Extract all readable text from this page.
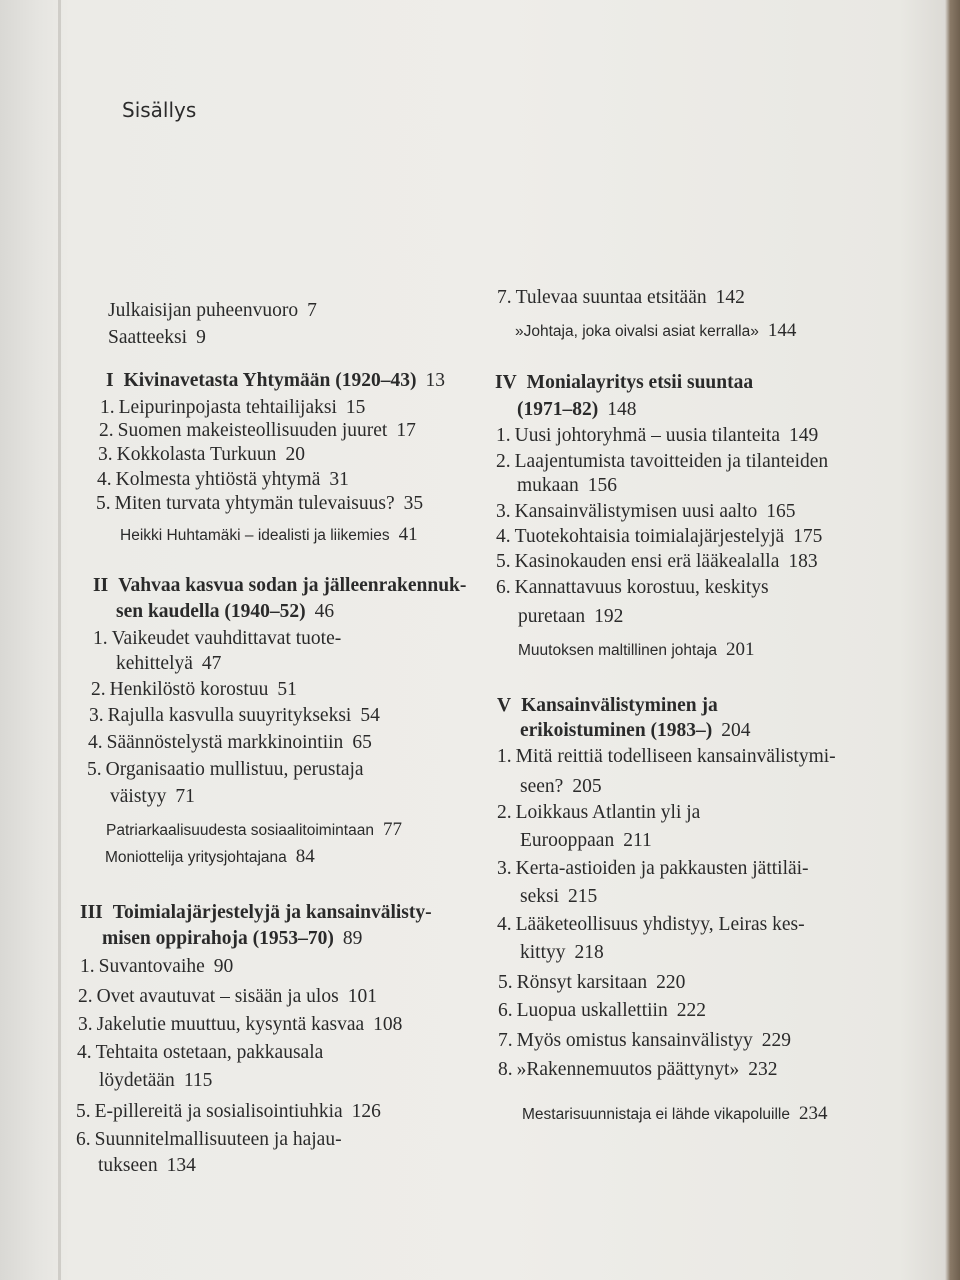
Sisällys
Julkaisijan puheenvuoro 7
Saatteeksi 9
I Kivinavetasta Yhtymään (1920–43) 13
1. Leipurinpojasta tehtailijaksi 15
2. Suomen makeisteollisuuden juuret 17
3. Kokkolasta Turkuun 20
4. Kolmesta yhtiöstä yhtymä 31
5. Miten turvata yhtymän tulevaisuus? 35
Heikki Huhtamäki – idealisti ja liikemies 41
II Vahvaa kasvua sodan ja jälleenrakennuk-
sen kaudella (1940–52) 46
1. Vaikeudet vauhdittavat tuote-
kehittelyä 47
2. Henkilöstö korostuu 51
3. Rajulla kasvulla suuyritykseksi 54
4. Säännöstelystä markkinointiin 65
5. Organisaatio mullistuu, perustaja
väistyy 71
Patriarkaalisuudesta sosiaalitoimintaan 77
Moniottelija yritysjohtajana 84
III Toimialajärjestelyjä ja kansainvälisty-
misen oppirahoja (1953–70) 89
1. Suvantovaihe 90
2. Ovet avautuvat – sisään ja ulos 101
3. Jakelutie muuttuu, kysyntä kasvaa 108
4. Tehtaita ostetaan, pakkausala
löydetään 115
5. E-pillereitä ja sosialisointiuhkia 126
6. Suunnitelmallisuuteen ja hajau-
tukseen 134
7. Tulevaa suuntaa etsitään 142
»Johtaja, joka oivalsi asiat kerralla» 144
IV Monialayritys etsii suuntaa
(1971–82) 148
1. Uusi johtoryhmä – uusia tilanteita 149
2. Laajentumista tavoitteiden ja tilanteiden
mukaan 156
3. Kansainvälistymisen uusi aalto 165
4. Tuotekohtaisia toimialajärjestelyjä 175
5. Kasinokauden ensi erä lääkealalla 183
6. Kannattavuus korostuu, keskitys
puretaan 192
Muutoksen maltillinen johtaja 201
V Kansainvälistyminen ja
erikoistuminen (1983–) 204
1. Mitä reittiä todelliseen kansainvälistymi-
seen? 205
2. Loikkaus Atlantin yli ja
Eurooppaan 211
3. Kerta-astioiden ja pakkausten jättiläi-
seksi 215
4. Lääketeollisuus yhdistyy, Leiras kes-
kittyy 218
5. Rönsyt karsitaan 220
6. Luopua uskallettiin 222
7. Myös omistus kansainvälistyy 229
8. »Rakennemuutos päättynyt» 232
Mestarisuunnistaja ei lähde vikapoluille 234
